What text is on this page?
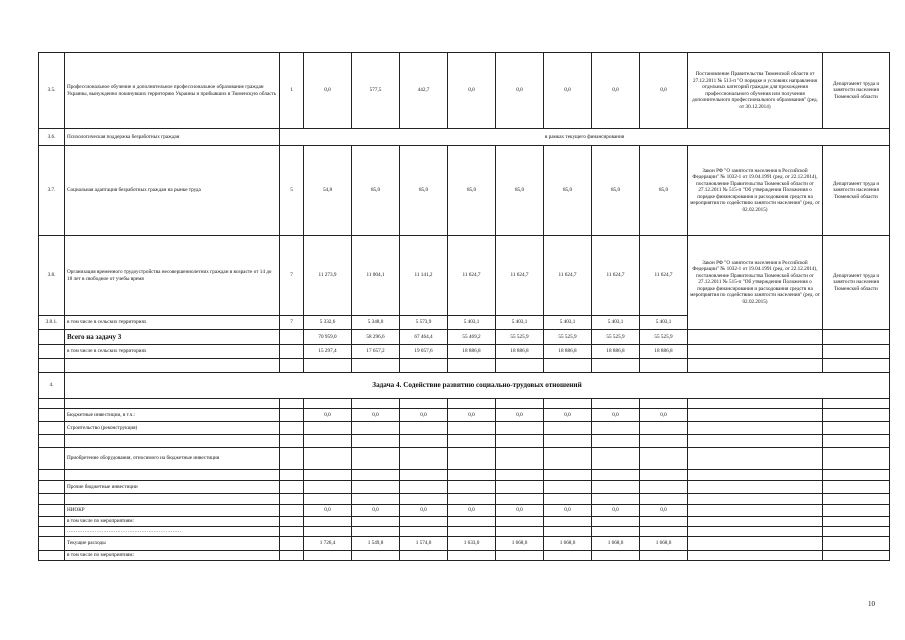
3.5.	Профессиональное обучение и дополнительное профессиональное образование граждан Украины, вынужденно покинувших территорию Украины и прибывших в Тюменскую область	1	0,0	577,5	442,7	0,0	0,0	0,0	0,0	0,0	Постановление Правительства Тюменской области от 27.12.2011 № 513-п "О порядке и условиях направления отдельных категорий граждан для прохождения профессионального обучения или получения дополнительного профессионального образования" (ред. от 30.12.2014)	Департамент труда и занятости населения Тюменской области
3.6.	Психологическая поддержка безработных граждан	в рамках текущего финансирования										
3.7.	Социальная адаптация безработных граждан на рынке труда	5	54,8	85,0	85,0	85,0	85,0	85,0	85,0	85,0	Закон РФ "О занятости населения в Российской Федерации" № 1032-1 от 19.04.1991 (ред. от 22.12.2014), постановление Правительства Тюменской области от 27.12.2011 № 515-п "Об утверждении Положения о порядке финансирования и расходования средств на мероприятия по содействию занятости населения" (ред. от 02.02.2015)	Департамент труда и занятости населения Тюменской области
3.8.	Организация временного трудоустройства несовершеннолетних граждан в возрасте от 14 до 18 лет в свободное от учебы время	7	11 273,9	11 004,1	11 141,2	11 624,7	11 624,7	11 624,7	11 624,7	11 624,7	Закон РФ "О занятости населения в Российской Федерации" № 1032-1 от 19.04.1991 (ред. от 22.12.2014), постановление Правительства Тюменской области от 27.12.2011 № 515-п "Об утверждении Положения о порядке финансирования и расходования средств на мероприятия по содействию занятости населения" (ред. от 02.02.2015)	Департамент труда и занятости населения Тюменской области
3.8.1.	в том числе в сельских территориях	7	5 332,6	5 348,0	5 573,9	5 403,1	5 403,1	5 403,1	5 403,1	5 403,1		
	Всего на задачу 3		70 959,0	58 296,6	67 464,4	55 469,2	55 525,9	55 525,9	55 525,9	55 525,9		
	в том числе в сельских территориях		15 297,4	17 657,2	19 057,6	18 886,8	18 886,8	18 886,8	18 886,8	18 886,8		

4.	Задача 4. Содействие развитию социально-трудовых отношений											

	Бюджетные инвестиции, в т.ч.:		0,0	0,0	0,0	0,0	0,0	0,0	0,0	0,0		
	Строительство (реконструкция)											

	Приобретение оборудования, относимого на бюджетные инвестиции											

	Прочие бюджетные инвестиции											

	НИОКР		0,0	0,0	0,0	0,0	0,0	0,0	0,0	0,0		
	в том числе по мероприятиям:											
	…………………………………………………………											
	Текущие расходы		1 726,4	1 549,8	1 574,0	1 633,0	1 668,0	1 668,0	1 668,0	1 668,0		
	в том числе по мероприятиям:											
10
